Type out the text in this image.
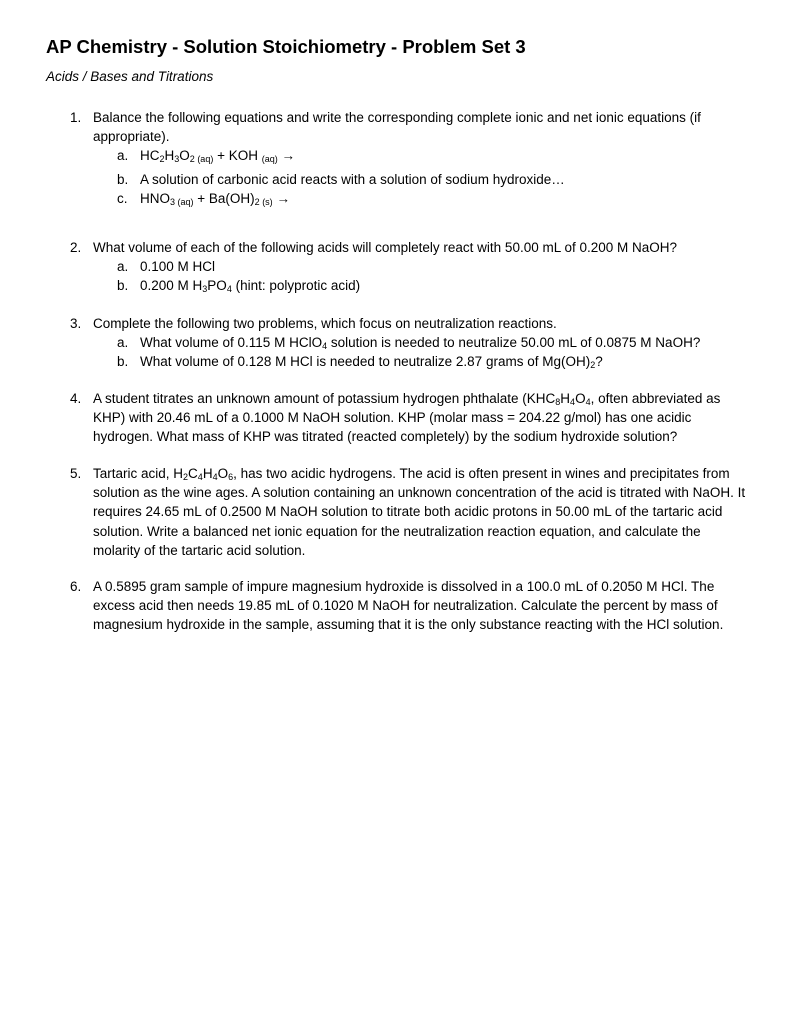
AP Chemistry - Solution Stoichiometry - Problem Set 3
Acids / Bases and Titrations
1. Balance the following equations and write the corresponding complete ionic and net ionic equations (if appropriate).
a. $HC_2H_3O_2$ (aq) + KOH (aq) →
b. A solution of carbonic acid reacts with a solution of sodium hydroxide…
c. $HNO_3$ $(aq) + Ba(OH)_2$ (s) →
2. What volume of each of the following acids will completely react with 50.00 mL of 0.200 M NaOH?
a. 0.100 M HCl
b. 0.200 M $H_3PO_4$ (hint: polyprotic acid)
3. Complete the following two problems, which focus on neutralization reactions.
a. What volume of 0.115 M HClO$_4$ solution is needed to neutralize 50.00 mL of 0.0875 M NaOH?
b. What volume of 0.128 M HCl is needed to neutralize 2.87 grams of $Mg(OH)_2$?
4. A student titrates an unknown amount of potassium hydrogen phthalate ($KHC_8H_4O_4$, often abbreviated as KHP) with 20.46 mL of a 0.1000 M NaOH solution. KHP (molar mass = 204.22 g/mol) has one acidic hydrogen. What mass of KHP was titrated (reacted completely) by the sodium hydroxide solution?
5. Tartaric acid, $H_2C_4H_4O_6$, has two acidic hydrogens. The acid is often present in wines and precipitates from solution as the wine ages. A solution containing an unknown concentration of the acid is titrated with NaOH. It requires 24.65 mL of 0.2500 M NaOH solution to titrate both acidic protons in 50.00 mL of the tartaric acid solution. Write a balanced net ionic equation for the neutralization reaction equation, and calculate the molarity of the tartaric acid solution.
6. A 0.5895 gram sample of impure magnesium hydroxide is dissolved in a 100.0 mL of 0.2050 M HCl. The excess acid then needs 19.85 mL of 0.1020 M NaOH for neutralization. Calculate the percent by mass of magnesium hydroxide in the sample, assuming that it is the only substance reacting with the HCl solution.
